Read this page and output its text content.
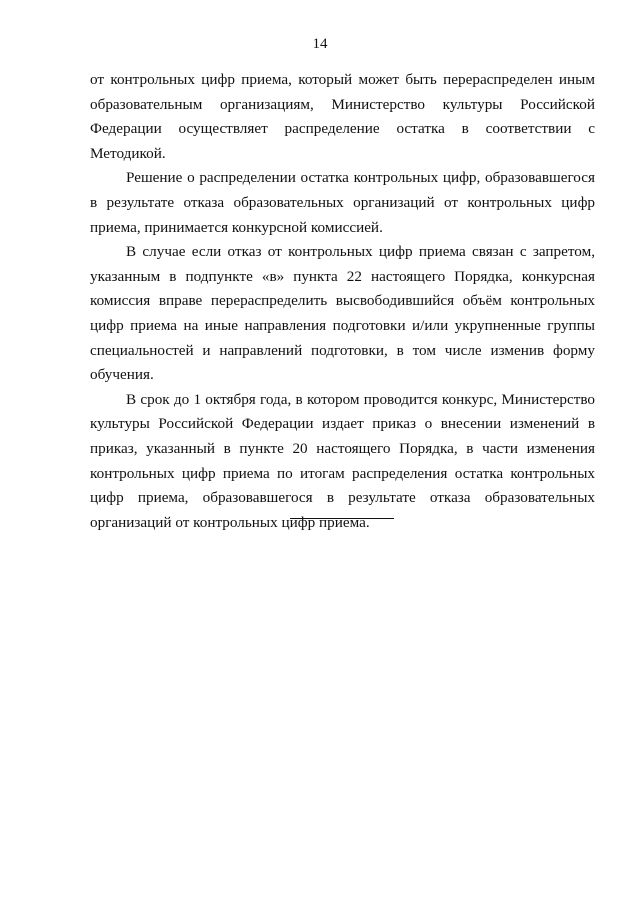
14

от контрольных цифр приема, который может быть перераспределен иным образовательным организациям, Министерство культуры Российской Федерации осуществляет распределение остатка в соответствии с Методикой.

Решение о распределении остатка контрольных цифр, образовавшегося в результате отказа образовательных организаций от контрольных цифр приема, принимается конкурсной комиссией.

В случае если отказ от контрольных цифр приема связан с запретом, указанным в подпункте «в» пункта 22 настоящего Порядка, конкурсная комиссия вправе перераспределить высвободившийся объём контрольных цифр приема на иные направления подготовки и/или укрупненные группы специальностей и направлений подготовки, в том числе изменив форму обучения.

В срок до 1 октября года, в котором проводится конкурс, Министерство культуры Российской Федерации издает приказ о внесении изменений в приказ, указанный в пункте 20 настоящего Порядка, в части изменения контрольных цифр приема по итогам распределения остатка контрольных цифр приема, образовавшегося в результате отказа образовательных организаций от контрольных цифр приема.
